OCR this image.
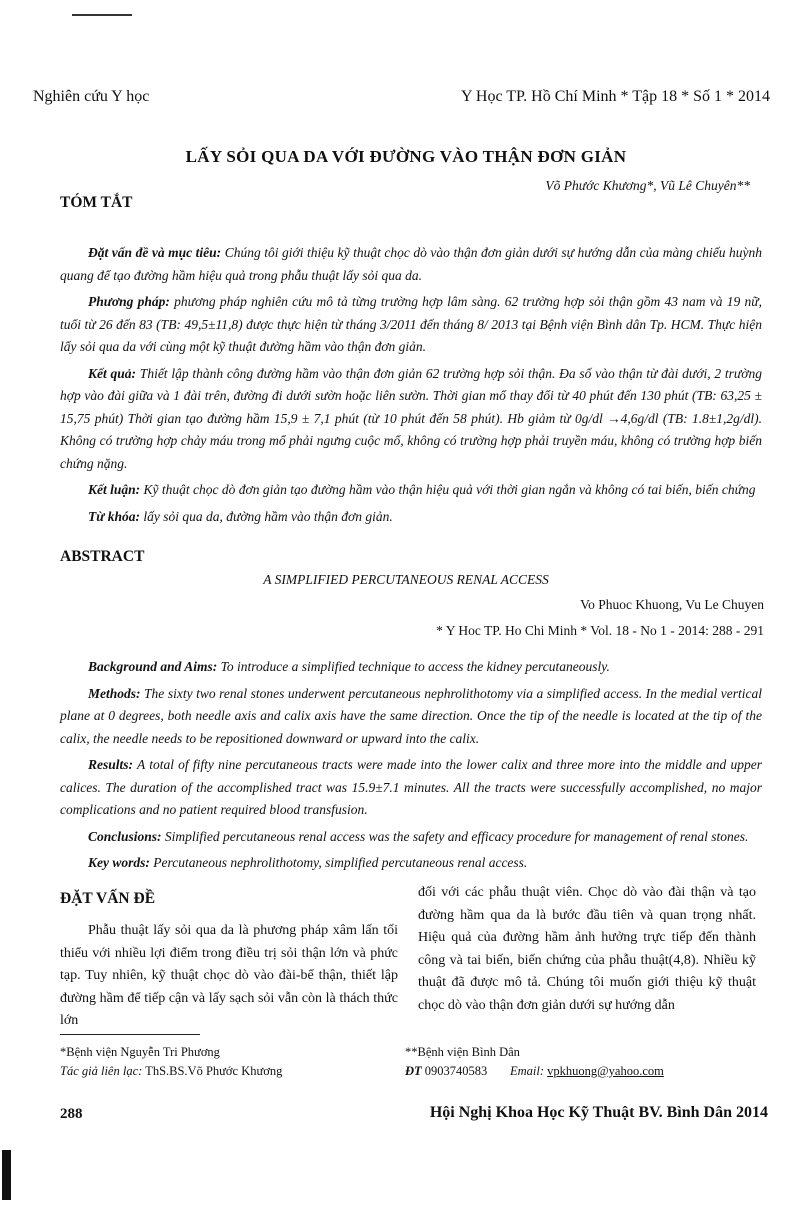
Nghiên cứu Y học	Y Học TP. Hồ Chí Minh * Tập 18 * Số 1 * 2014
LẤY SỎI QUA DA VỚI ĐƯỜNG VÀO THẬN ĐƠN GIẢN
Võ Phước Khương*, Vũ Lê Chuyên**
TÓM TẮT
Đặt vấn đề và mục tiêu: Chúng tôi giới thiệu kỹ thuật chọc dò vào thận đơn giản dưới sự hướng dẫn của màng chiếu huỳnh quang để tạo đường hầm hiệu quả trong phẫu thuật lấy sỏi qua da.
Phương pháp: phương pháp nghiên cứu mô tả từng trường hợp lâm sàng. 62 trường hợp sỏi thận gồm 43 nam và 19 nữ, tuổi từ 26 đến 83 (TB: 49,5±11,8) được thực hiện từ tháng 3/2011 đến tháng 8/ 2013 tại Bệnh viện Bình dân Tp. HCM. Thực hiện lấy sỏi qua da với cùng một kỹ thuật đường hầm vào thận đơn giản.
Kết quả: Thiết lập thành công đường hầm vào thận đơn giản 62 trường hợp sỏi thận. Đa số vào thận từ đài dưới, 2 trường hợp vào đài giữa và 1 đài trên, đường đi dưới sườn hoặc liên sườn. Thời gian mổ thay đổi từ 40 phút đến 130 phút (TB: 63,25 ± 15,75 phút) Thời gian tạo đường hầm 15,9 ± 7,1 phút (từ 10 phút đến 58 phút). Hb giảm từ 0g/dl →4,6g/dl (TB: 1.8±1,2g/dl). Không có trường hợp chảy máu trong mổ phải ngưng cuộc mổ, không có trường hợp phải truyền máu, không có trường hợp biến chứng nặng.
Kết luận: Kỹ thuật chọc dò đơn giản tạo đường hầm vào thận hiệu quả với thời gian ngắn và không có tai biến, biến chứng
Từ khóa: lấy sỏi qua da, đường hầm vào thận đơn giản.
ABSTRACT
A SIMPLIFIED PERCUTANEOUS RENAL ACCESS
Vo Phuoc Khuong, Vu Le Chuyen
* Y Hoc TP. Ho Chi Minh * Vol. 18 - No 1 - 2014: 288 - 291
Background and Aims: To introduce a simplified technique to access the kidney percutaneously.
Methods: The sixty two renal stones underwent percutaneous nephrolithotomy via a simplified access. In the medial vertical plane at 0 degrees, both needle axis and calix axis have the same direction. Once the tip of the needle is located at the tip of the calix, the needle needs to be repositioned downward or upward into the calix.
Results: A total of fifty nine percutaneous tracts were made into the lower calix and three more into the middle and upper calices. The duration of the accomplished tract was 15.9±7.1 minutes. All the tracts were successfully accomplished, no major complications and no patient required blood transfusion.
Conclusions: Simplified percutaneous renal access was the safety and efficacy procedure for management of renal stones.
Key words: Percutaneous nephrolithotomy, simplified percutaneous renal access.
ĐẶT VẤN ĐỀ
Phẫu thuật lấy sỏi qua da là phương pháp xâm lấn tối thiểu với nhiều lợi điểm trong điều trị sỏi thận lớn và phức tạp. Tuy nhiên, kỹ thuật chọc dò vào đài-bể thận, thiết lập đường hầm để tiếp cận và lấy sạch sỏi vẫn còn là thách thức lớn
đối với các phẫu thuật viên. Chọc dò vào đài thận và tạo đường hầm qua da là bước đầu tiên và quan trọng nhất. Hiệu quả của đường hầm ảnh hưởng trực tiếp đến thành công và tai biến, biến chứng của phẫu thuật(4,8). Nhiều kỹ thuật đã được mô tả. Chúng tôi muốn giới thiệu kỹ thuật chọc dò vào thận đơn giản dưới sự hướng dẫn
*Bệnh viện Nguyễn Tri Phương	**Bệnh viện Bình Dân
Tác giả liên lạc: ThS.BS.Võ Phước Khương	ĐT 0903740583 Email: vpkhuong@yahoo.com
288	Hội Nghị Khoa Học Kỹ Thuật BV. Bình Dân 2014
